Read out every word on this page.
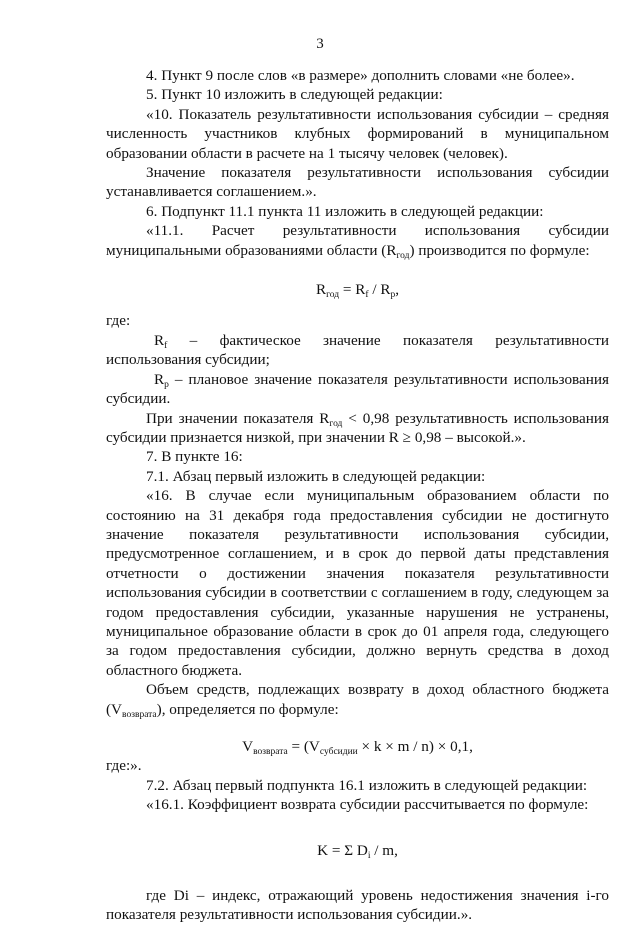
3

4. Пункт 9 после слов «в размере» дополнить словами «не более».

5. Пункт 10 изложить в следующей редакции:

«10. Показатель результативности использования субсидии – средняя численность участников клубных формирований в муниципальном образовании области в расчете на 1 тысячу человек (человек).

Значение показателя результативности использования субсидии устанавливается соглашением.».

6. Подпункт 11.1 пункта 11 изложить в следующей редакции:

«11.1. Расчет результативности использования субсидии муниципальными образованиями области $(R_{год})$ производится по формуле:

$R_{год} = R_f / R_p$,

где:

$R_f$ – фактическое значение показателя результативности использования субсидии;

$R_p$ – плановое значение показателя результативности использования субсидии.

При значении показателя $R_{год} < 0,98$ результативность использования субсидии признается низкой, при значении R ≥ 0,98 – высокой.».

7. В пункте 16:

7.1. Абзац первый изложить в следующей редакции:

«16. В случае если муниципальным образованием области по состоянию на 31 декабря года предоставления субсидии не достигнуто значение показателя результативности использования субсидии, предусмотренное соглашением, и в срок до первой даты представления отчетности о достижении значения показателя результативности использования субсидии в соответствии с соглашением в году, следующем за годом предоставления субсидии, указанные нарушения не устранены, муниципальное образование области в срок до 01 апреля года, следующего за годом предоставления субсидии, должно вернуть средства в доход областного бюджета.

Объем средств, подлежащих возврату в доход областного бюджета $(V_{возврата})$, определяется по формуле:

$V_{возврата} = (V_{субсидии} \times k \times m / n) \times 0,1$,

где:».

7.2. Абзац первый подпункта 16.1 изложить в следующей редакции:

«16.1. Коэффициент возврата субсидии рассчитывается по формуле:

K = Σ $D_i$ / m,

где Di – индекс, отражающий уровень недостижения значения i-го показателя результативности использования субсидии.».
